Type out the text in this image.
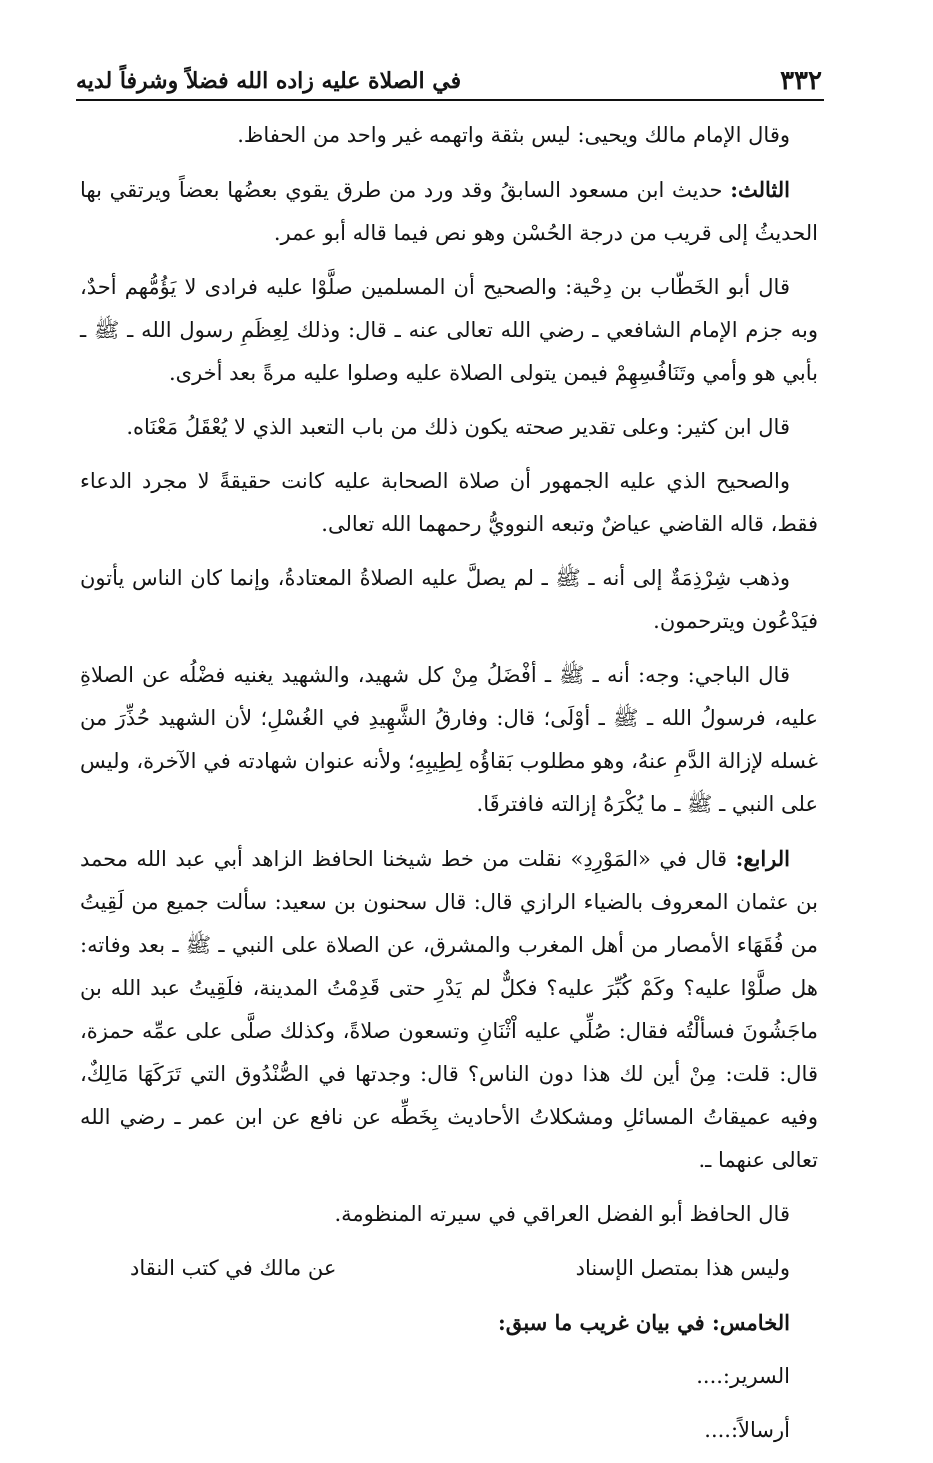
٣٣٢
في الصلاة عليه زاده الله فضلاً وشرفاً لديه

وقال الإمام مالك ويحيى: ليس بثقة واتهمه غير واحد من الحفاظ.

الثالث: حديث ابن مسعود السابقُ وقد ورد من طرق يقوي بعضُها بعضاً ويرتقي بها الحديثُ إلى قريب من درجة الحُسْن وهو نص فيما قاله أبو عمر.

قال أبو الخَطّاب بن دِحْية: والصحيح أن المسلمين صلَّوْا عليه فرادى لا يَؤُمُّهم أحدٌ، وبه جزم الإمام الشافعي ـ رضي الله تعالى عنه ـ قال: وذلك لِعِظَمِ رسول الله ـ ﷺ ـ بأبي هو وأمي وتَنَافُسِهِمْ فيمن يتولى الصلاة عليه وصلوا عليه مرةً بعد أخرى.

قال ابن كثير: وعلى تقدير صحته يكون ذلك من باب التعبد الذي لا يُعْقَلُ مَعْنَاه.

والصحيح الذي عليه الجمهور أن صلاة الصحابة عليه كانت حقيقةً لا مجرد الدعاء فقط، قاله القاضي عياضٌ وتبعه النوويُّ رحمهما الله تعالى.

وذهب شِرْذِمَةٌ إلى أنه ـ ﷺ ـ لم يصلَّ عليه الصلاةُ المعتادةُ، وإنما كان الناس يأتون فيَدْعُون ويترحمون.

قال الباجي: وجه: أنه ـ ﷺ ـ أفْضَلُ مِنْ كل شهيد، والشهيد يغنيه فضْلُه عن الصلاةِ عليه، فرسولُ الله ـ ﷺ ـ أوْلَى؛ قال: وفارقُ الشَّهِيدِ في الغُسْلِ؛ لأن الشهيد حُذِّرَ من غسله لإزالة الدَّمِ عنهُ، وهو مطلوب بَقاؤُه لِطِيبِهِ؛ ولأنه عنوان شهادته في الآخرة، وليس على النبي ـ ﷺ ـ ما يُكْرَهُ إزالته فافترقَا.

الرابع: قال في «المَوْرِدِ» نقلت من خط شيخنا الحافظ الزاهد أبي عبد الله محمد بن عثمان المعروف بالضياء الرازي قال: قال سحنون بن سعيد: سألت جميع من لَقِيتُ من فُقَهَاء الأمصار من أهل المغرب والمشرق، عن الصلاة على النبي ـ ﷺ ـ بعد وفاته: هل صلَّوْا عليه؟ وكَمْ كُبِّرَ عليه؟ فكلٌّ لم يَدْرِ حتى قَدِمْتُ المدينة، فلَقِيتُ عبد الله بن ماجَشُونَ فسألْتُه فقال: صُلِّي عليه اْثْنَانِ وتسعون صلاةً، وكذلك صلَّى على عمِّه حمزة، قال: قلت: مِنْ أين لك هذا دون الناس؟ قال: وجدتها في الصُّنْدُوق التي تَرَكَهَا مَالِكٌ، وفيه عميقاتُ المسائلِ ومشكلاتُ الأحاديث بِخَطِّه عن نافع عن ابن عمر ـ رضي الله تعالى عنهما ـ.

قال الحافظ أبو الفضل العراقي في سيرته المنظومة.

وليس هذا بمتصل الإسناد
عن مالك في كتب النقاد
الخامس: في بيان غريب ما سبق:
السرير:....
أرسالاً:....
